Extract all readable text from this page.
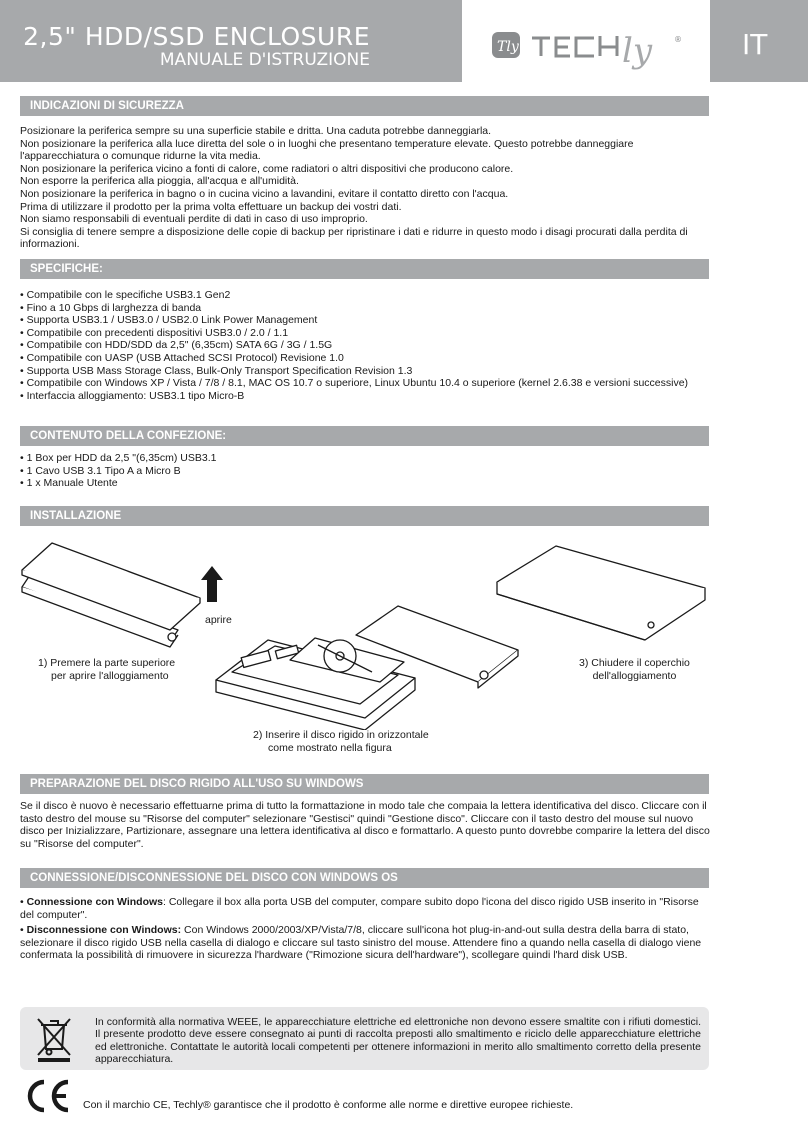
2,5" HDD/SSD ENCLOSURE
MANUALE D'ISTRUZIONE
Tly	ly	® IT
INDICAZIONI DI SICUREZZA

Posizionare la periferica sempre su una superficie stabile e dritta. Una caduta potrebbe danneggiarla.

Non posizionare la periferica alla luce diretta del sole o in luoghi che presentano temperature elevate. Questo potrebbe danneggiare l'apparecchiatura o comunque ridurne la vita media.

Non posizionare la periferica vicino a fonti di calore, come radiatori o altri dispositivi che producono calore.

Non esporre la periferica alla pioggia, all'acqua e all'umidità.

Non posizionare la periferica in bagno o in cucina vicino a lavandini, evitare il contatto diretto con l'acqua.

Prima di utilizzare il prodotto per la prima volta effettuare un backup dei vostri dati.

Non siamo responsabili di eventuali perdite di dati in caso di uso improprio.

Si consiglia di tenere sempre a disposizione delle copie di backup per ripristinare i dati e ridurre in questo modo i disagi procurati dalla perdita di informazioni.

SPECIFICHE:
• Compatibile con le specifiche USB3.1 Gen2
• Fino a 10 Gbps di larghezza di banda
• Supporta USB3.1 / USB3.0 / USB2.0 Link Power Management
• Compatibile con precedenti dispositivi USB3.0 / 2.0 / 1.1
• Compatibile con HDD/SDD da 2,5" (6,35cm) SATA 6G / 3G / 1.5G
• Compatibile con UASP (USB Attached SCSI Protocol) Revisione 1.0
• Supporta USB Mass Storage Class, Bulk-Only Transport Specification Revision 1.3
• Compatibile con Windows XP / Vista / 7/8 / 8.1, MAC OS 10.7 o superiore, Linux Ubuntu 10.4 o superiore (kernel 2.6.38 e versioni successive)
• Interfaccia alloggiamento: USB3.1 tipo Micro-B
CONTENUTO DELLA CONFEZIONE:
• 1 Box per HDD da 2,5 "(6,35cm) USB3.1
• 1 Cavo USB 3.1 Tipo A a Micro B
• 1 x Manuale Utente
INSTALLAZIONE
aprire
1) Premere la parte superiore
per aprire l'alloggiamento
2) Inserire il disco rigido in orizzontale
come mostrato nella figura
3) Chiudere il coperchio
dell'alloggiamento
PREPARAZIONE DEL DISCO RIGIDO ALL'USO SU WINDOWS

Se il disco è nuovo è necessario effettuarne prima di tutto la formattazione in modo tale che compaia la lettera identificativa del disco. Cliccare con il tasto destro del mouse su "Risorse del computer" selezionare "Gestisci" quindi "Gestione disco". Cliccare con il tasto destro del mouse sul nuovo disco per Inizializzare, Partizionare, assegnare una lettera identificativa al disco e formattarlo. A questo punto dovrebbe comparire la lettera del disco su "Risorse del computer".

CONNESSIONE/DISCONNESSIONE DEL DISCO CON WINDOWS OS
• Connessione con Windows: Collegare il box alla porta USB del computer, compare subito dopo l'icona del disco rigido USB inserito in "Risorse del computer".
• Disconnessione con Windows: Con Windows 2000/2003/XP/Vista/7/8, cliccare sull'icona hot plug-in-and-out sulla destra della barra di stato, selezionare il disco rigido USB nella casella di dialogo e cliccare sul tasto sinistro del mouse. Attendere fino a quando nella casella di dialogo viene confermata la possibilità di rimuovere in sicurezza l'hardware ("Rimozione sicura dell'hardware"), scollegare quindi l'hard disk USB.
In conformità alla normativa WEEE, le apparecchiature elettriche ed elettroniche non devono essere smaltite con i rifiuti domestici. Il presente prodotto deve essere consegnato ai punti di raccolta preposti allo smaltimento e riciclo delle apparecchiature elettriche ed elettroniche. Contattate le autorità locali competenti per ottenere informazioni in merito allo smaltimento corretto della presente apparecchiatura.
Con il marchio CE, Techly® garantisce che il prodotto è conforme alle norme e direttive europee richieste.
